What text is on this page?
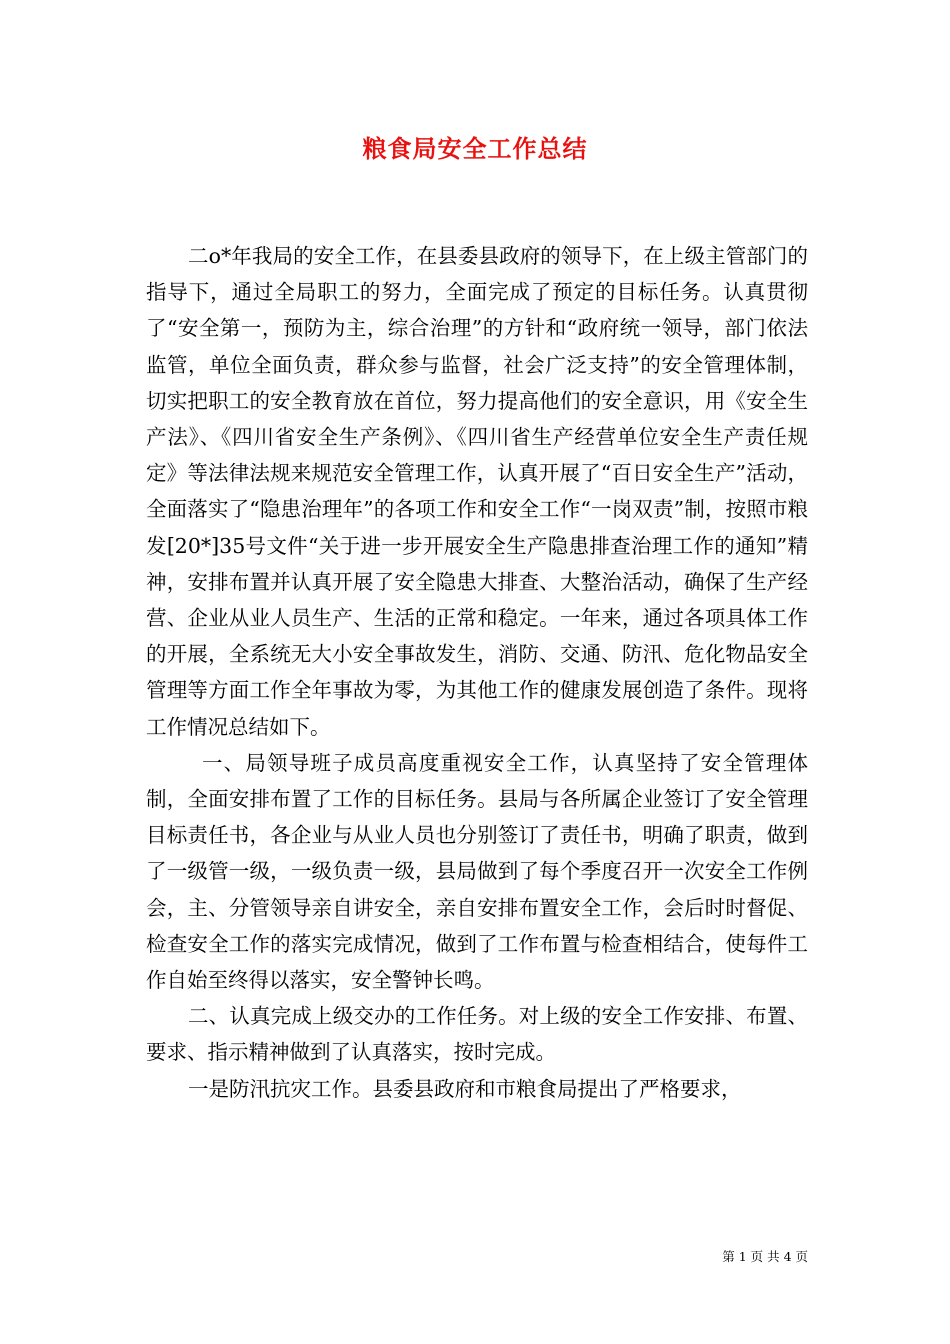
粮食局安全工作总结

二o*年我局的安全工作，在县委县政府的领导下，在上级主管部门的指导下，通过全局职工的努力，全面完成了预定的目标任务。认真贯彻了“安全第一，预防为主，综合治理”的方针和“政府统一领导，部门依法监管，单位全面负责，群众参与监督，社会广泛支持”的安全管理体制，切实把职工的安全教育放在首位，努力提高他们的安全意识，用《安全生产法》、《四川省安全生产条例》、《四川省生产经营单位安全生产责任规定》等法律法规来规范安全管理工作，认真开展了“百日安全生产”活动，全面落实了“隐患治理年”的各项工作和安全工作“一岗双责”制，按照市粮发[20*]35号文件“关于进一步开展安全生产隐患排查治理工作的通知”精神，安排布置并认真开展了安全隐患大排查、大整治活动，确保了生产经营、企业从业人员生产、生活的正常和稳定。一年来，通过各项具体工作的开展，全系统无大小安全事故发生，消防、交通、防汛、危化物品安全管理等方面工作全年事故为零，为其他工作的健康发展创造了条件。现将工作情况总结如下。

一、局领导班子成员高度重视安全工作，认真坚持了安全管理体制，全面安排布置了工作的目标任务。县局与各所属企业签订了安全管理目标责任书，各企业与从业人员也分别签订了责任书，明确了职责，做到了一级管一级，一级负责一级，县局做到了每个季度召开一次安全工作例会，主、分管领导亲自讲安全，亲自安排布置安全工作，会后时时督促、检查安全工作的落实完成情况，做到了工作布置与检查相结合，使每件工作自始至终得以落实，安全警钟长鸣。

二、认真完成上级交办的工作任务。对上级的安全工作安排、布置、要求、指示精神做到了认真落实，按时完成。

一是防汛抗灾工作。县委县政府和市粮食局提出了严格要求，

第 1 页 共 4 页
